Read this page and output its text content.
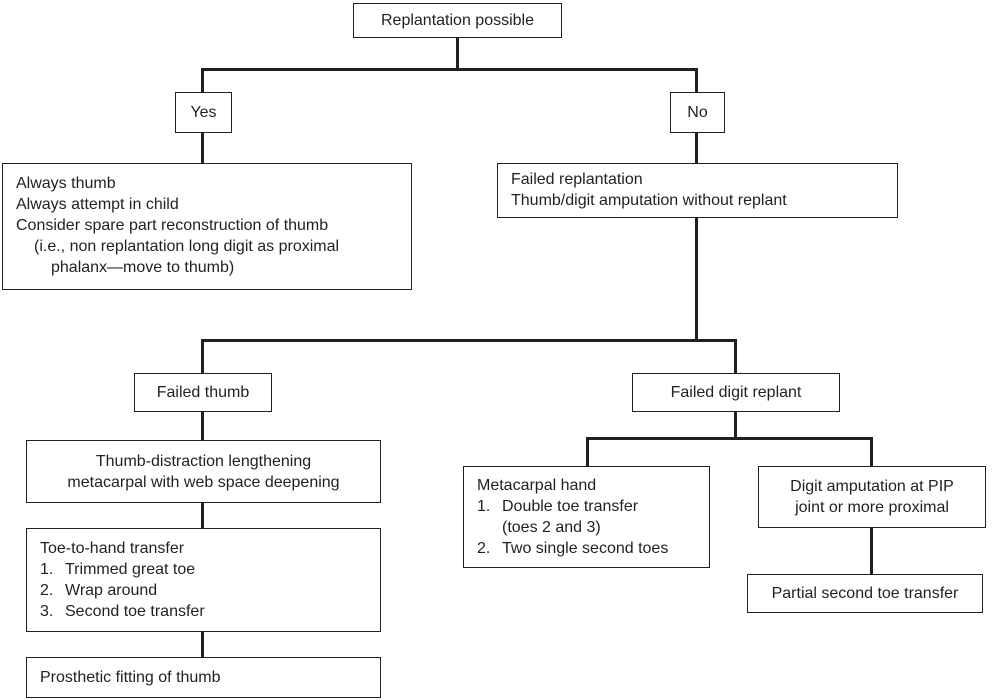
Replantation possible
Yes	No
Always thumb
Always attempt in child
Consider spare part reconstruction of thumb
(i.e., non replantation long digit as proximal
phalanx—move to thumb)
Failed replantation
Thumb/digit amputation without replant
Failed thumb	Failed digit replant
Thumb-distraction lengthening
metacarpal with web space deepening
Toe-to-hand transfer
1. Trimmed great toe
2. Wrap around
3. Second toe transfer
Prosthetic fitting of thumb
Metacarpal hand
1. Double toe transfer
(toes 2 and 3)
2. Two single second toes
Digit amputation at PIP
joint or more proximal
Partial second toe transfer
